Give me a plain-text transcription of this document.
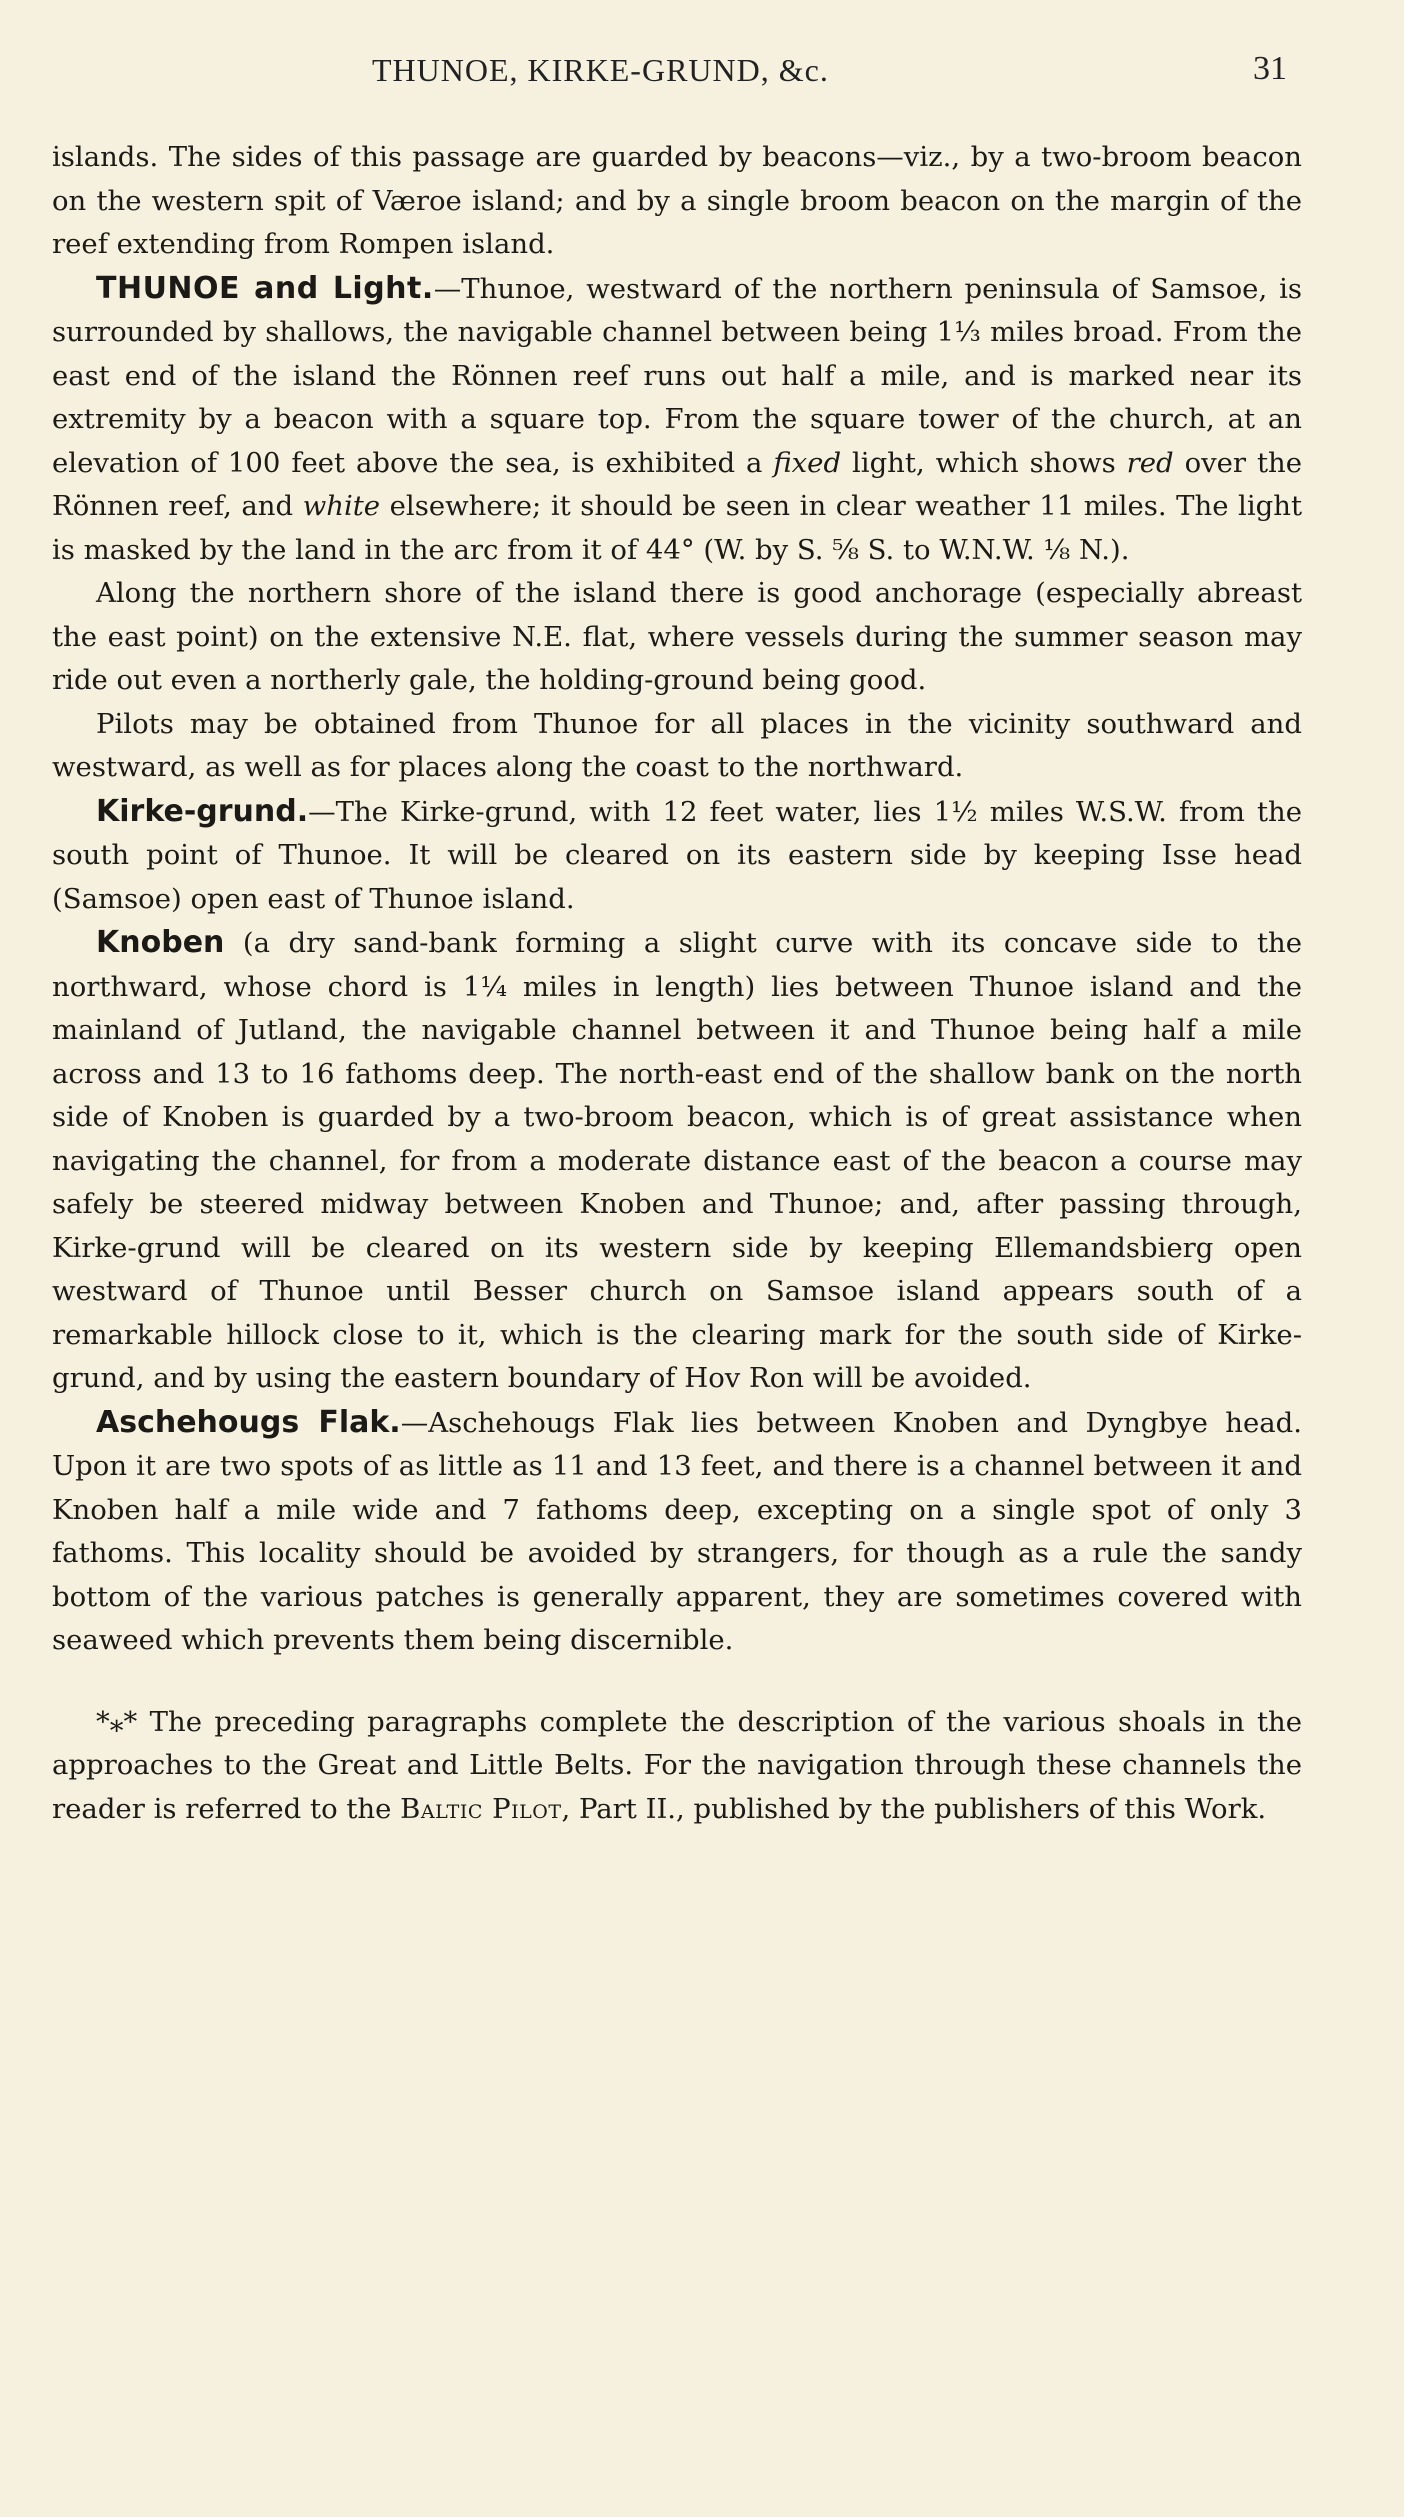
THUNOE, KIRKE-GRUND, &c.	31

islands. The sides of this passage are guarded by beacons—viz., by a two-broom beacon on the western spit of Væroe island; and by a single broom beacon on the margin of the reef extending from Rompen island.

THUNOE and Light.—Thunoe, westward of the northern peninsula of Samsoe, is surrounded by shallows, the navigable channel between being 1⅓ miles broad. From the east end of the island the Rönnen reef runs out half a mile, and is marked near its extremity by a beacon with a square top. From the square tower of the church, at an elevation of 100 feet above the sea, is exhibited a fixed light, which shows red over the Rönnen reef, and white elsewhere; it should be seen in clear weather 11 miles. The light is masked by the land in the arc from it of 44° (W. by S. ⅝ S. to W.N.W. ⅛ N.).

Along the northern shore of the island there is good anchorage (especially abreast the east point) on the extensive N.E. flat, where vessels during the summer season may ride out even a northerly gale, the holding-ground being good.

Pilots may be obtained from Thunoe for all places in the vicinity southward and westward, as well as for places along the coast to the northward.

Kirke-grund.—The Kirke-grund, with 12 feet water, lies 1½ miles W.S.W. from the south point of Thunoe. It will be cleared on its eastern side by keeping Isse head (Samsoe) open east of Thunoe island.

Knoben (a dry sand-bank forming a slight curve with its concave side to the northward, whose chord is 1¼ miles in length) lies between Thunoe island and the mainland of Jutland, the navigable channel between it and Thunoe being half a mile across and 13 to 16 fathoms deep. The north-east end of the shallow bank on the north side of Knoben is guarded by a two-broom beacon, which is of great assistance when navigating the channel, for from a moderate distance east of the beacon a course may safely be steered midway between Knoben and Thunoe; and, after passing through, Kirke-grund will be cleared on its western side by keeping Ellemandsbierg open westward of Thunoe until Besser church on Samsoe island appears south of a remarkable hillock close to it, which is the clearing mark for the south side of Kirke-grund, and by using the eastern boundary of Hov Ron will be avoided.

Aschehougs Flak.—Aschehougs Flak lies between Knoben and Dyngbye head. Upon it are two spots of as little as 11 and 13 feet, and there is a channel between it and Knoben half a mile wide and 7 fathoms deep, excepting on a single spot of only 3 fathoms. This locality should be avoided by strangers, for though as a rule the sandy bottom of the various patches is generally apparent, they are sometimes covered with seaweed which prevents them being discernible.

*⁎* The preceding paragraphs complete the description of the various shoals in the approaches to the Great and Little Belts. For the navigation through these channels the reader is referred to the Baltic Pilot, Part II., published by the publishers of this Work.
